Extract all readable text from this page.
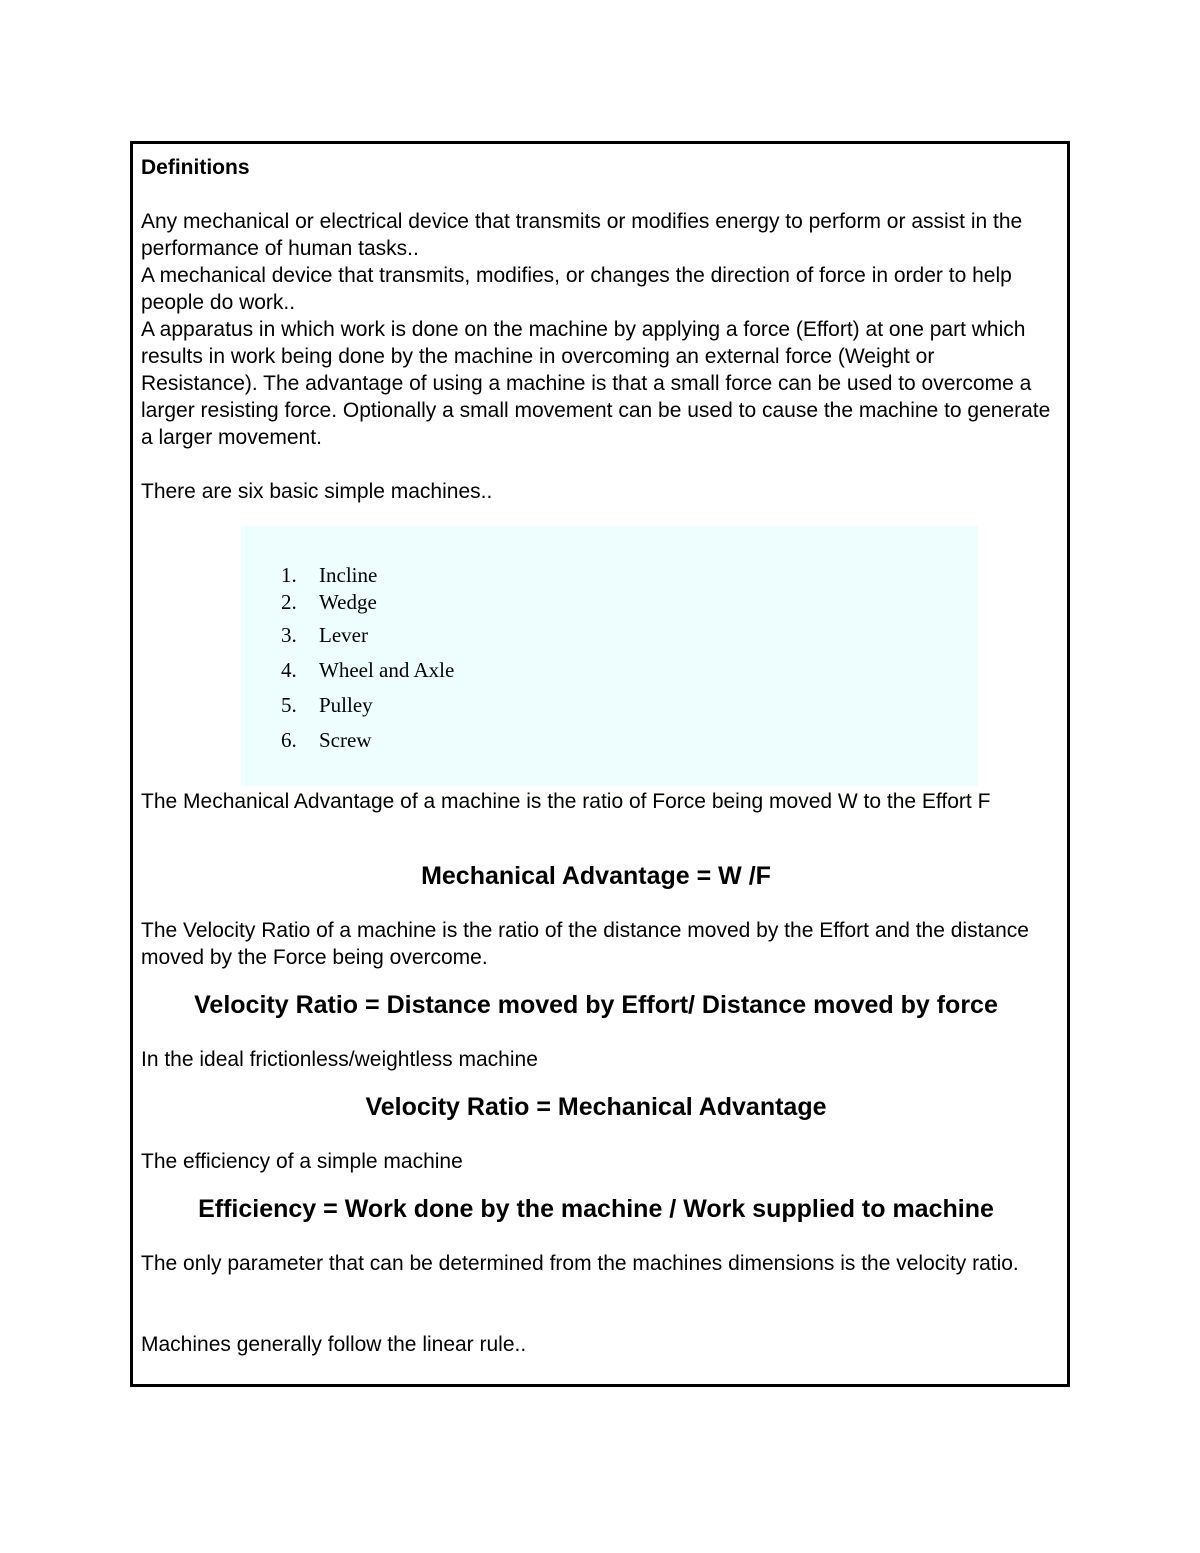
Definitions

Any mechanical or electrical device that transmits or modifies energy to perform or assist in the performance of human tasks..

A mechanical device that transmits, modifies, or changes the direction of force in order to help people do work..

A apparatus in which work is done on the machine by applying a force (Effort) at one part which results in work being done by the machine in overcoming an external force (Weight or Resistance). The advantage of using a machine is that a small force can be used to overcome a larger resisting force. Optionally a small movement can be used to cause the machine to generate a larger movement.

There are six basic simple machines..

1. Incline
2. Wedge
3. Lever
4. Wheel and Axle
5. Pulley
6. Screw

The Mechanical Advantage of a machine is the ratio of Force being moved W to the Effort F

Mechanical Advantage = W /F

The Velocity Ratio of a machine is the ratio of the distance moved by the Effort and the distance moved by the Force being overcome.

Velocity Ratio = Distance moved by Effort/ Distance moved by force

In the ideal frictionless/weightless machine

Velocity Ratio = Mechanical Advantage

The efficiency of a simple machine

Efficiency = Work done by the machine / Work supplied to machine

The only parameter that can be determined from the machines dimensions is the velocity ratio.

Machines generally follow the linear rule..
